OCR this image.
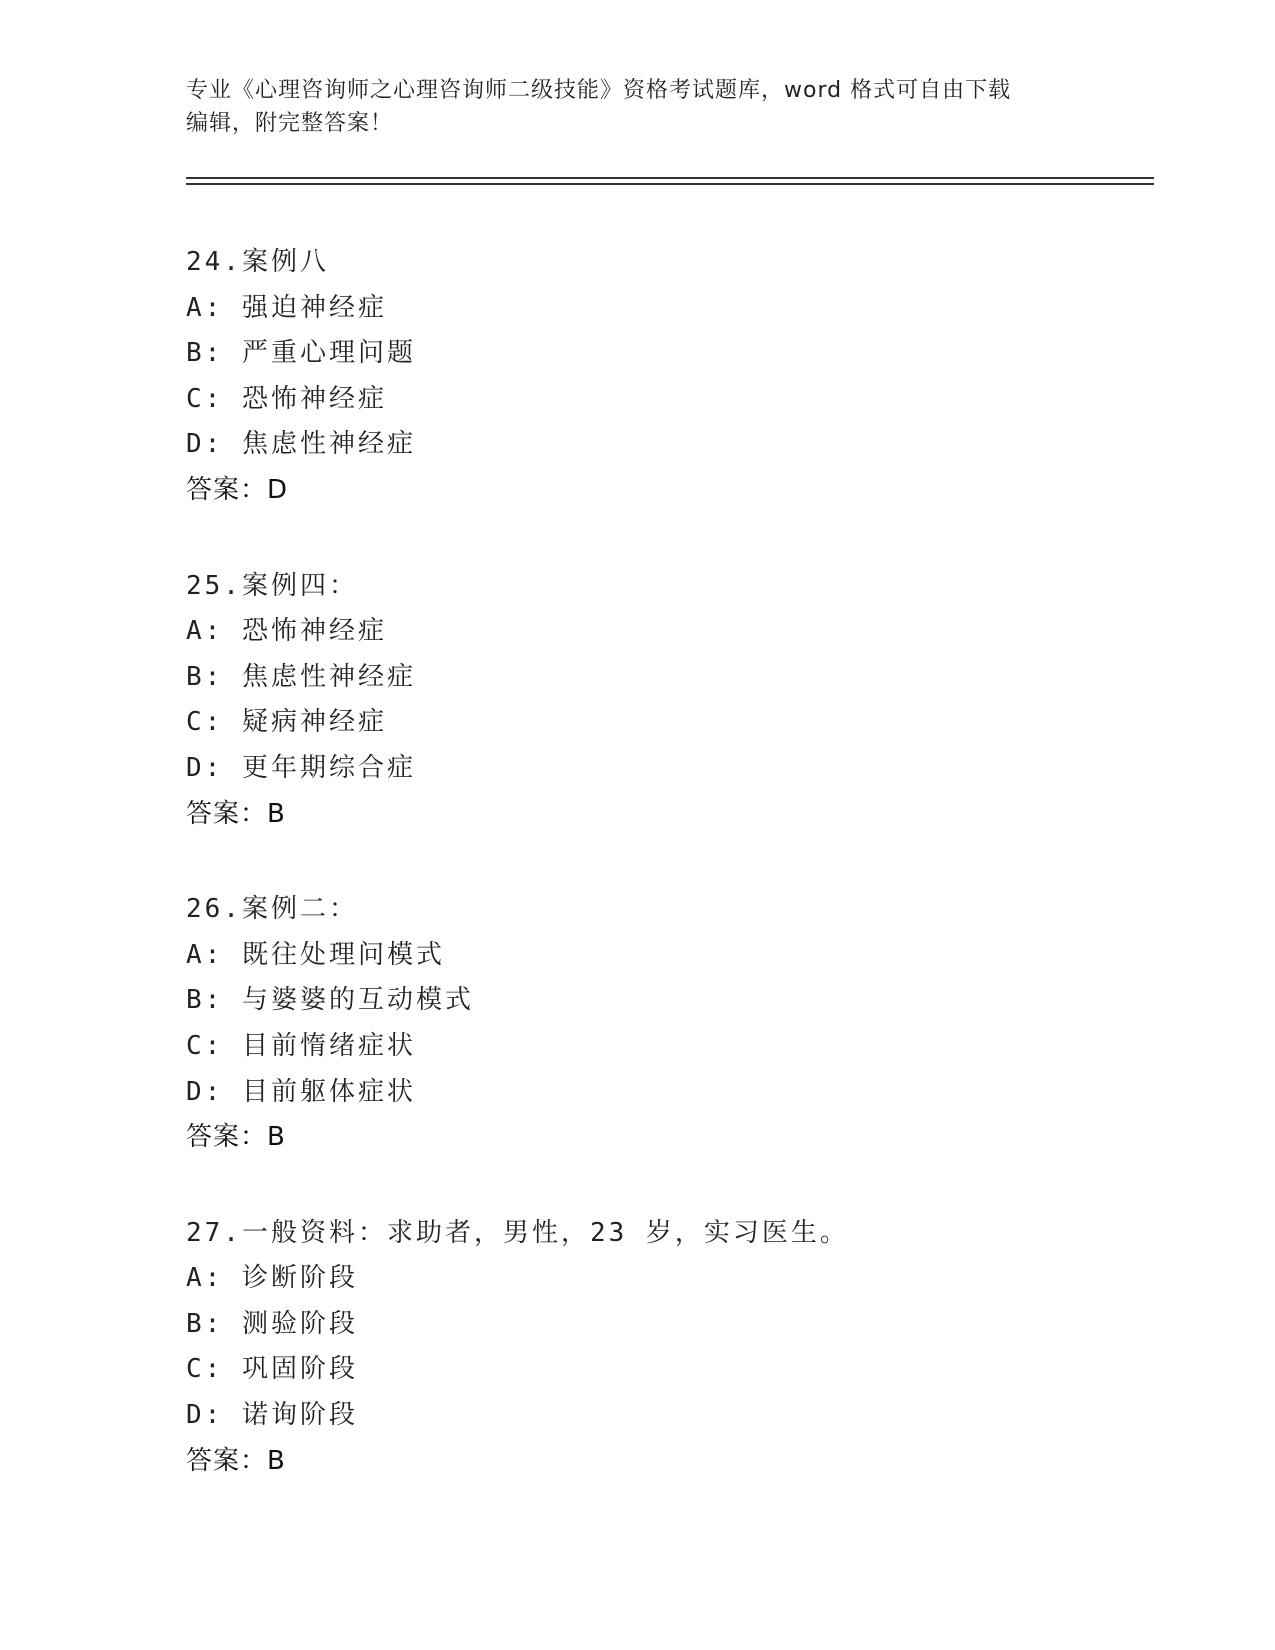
专业《心理咨询师之心理咨询师二级技能》资格考试题库，word 格式可自由下载

编辑，附完整答案！

24.案例八
A: 强迫神经症
B: 严重心理问题
C: 恐怖神经症
D: 焦虑性神经症
答案：D
25.案例四：
A: 恐怖神经症
B: 焦虑性神经症
C: 疑病神经症
D: 更年期综合症
答案：B
26.案例二：
A: 既往处理问模式
B: 与婆婆的互动模式
C: 目前惰绪症状
D: 目前躯体症状
答案：B
27.一般资料：求助者，男性，23 岁，实习医生。
A: 诊断阶段
B: 测验阶段
C: 巩固阶段
D: 诺询阶段
答案：B
